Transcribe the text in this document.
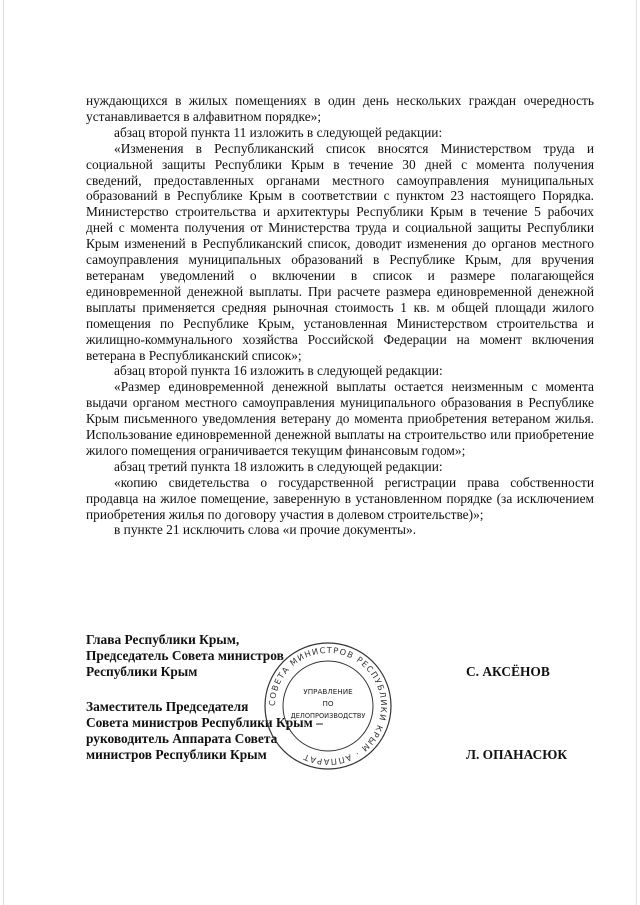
нуждающихся в жилых помещениях в один день нескольких граждан очередность устанавливается в алфавитном порядке»;

абзац второй пункта 11 изложить в следующей редакции:

«Изменения в Республиканский список вносятся Министерством труда и социальной защиты Республики Крым в течение 30 дней с момента получения сведений, предоставленных органами местного самоуправления муниципальных образований в Республике Крым в соответствии с пунктом 23 настоящего Порядка. Министерство строительства и архитектуры Республики Крым в течение 5 рабочих дней с момента получения от Министерства труда и социальной защиты Республики Крым изменений в Республиканский список, доводит изменения до органов местного самоуправления муниципальных образований в Республике Крым, для вручения ветеранам уведомлений о включении в список и размере полагающейся единовременной денежной выплаты. При расчете размера единовременной денежной выплаты применяется средняя рыночная стоимость 1 кв. м общей площади жилого помещения по Республике Крым, установленная Министерством строительства и жилищно-коммунального хозяйства Российской Федерации на момент включения ветерана в Республиканский список»;

абзац второй пункта 16 изложить в следующей редакции:

«Размер единовременной денежной выплаты остается неизменным с момента выдачи органом местного самоуправления муниципального образования в Республике Крым письменного уведомления ветерану до момента приобретения ветераном жилья. Использование единовременной денежной выплаты на строительство или приобретение жилого помещения ограничивается текущим финансовым годом»;

абзац третий пункта 18 изложить в следующей редакции:

«копию свидетельства о государственной регистрации права собственности продавца на жилое помещение, заверенную в установленном порядке (за исключением приобретения жилья по договору участия в долевом строительстве)»;

в пункте 21 исключить слова «и прочие документы».

Глава Республики Крым,
Председатель Совета министров
Республики Крым	С. АКСЁНОВ
Заместитель Председателя
Совета министров Республики Крым –
руководитель Аппарата Совета
министров Республики Крым	Л. ОПАНАСЮК
СОВЕТА МИНИСТРОВ РЕСПУБЛИКИ КРЫМ · АППАРАТ
УПРАВЛЕНИЕ
ПО
ДЕЛОПРОИЗВОДСТВУ
